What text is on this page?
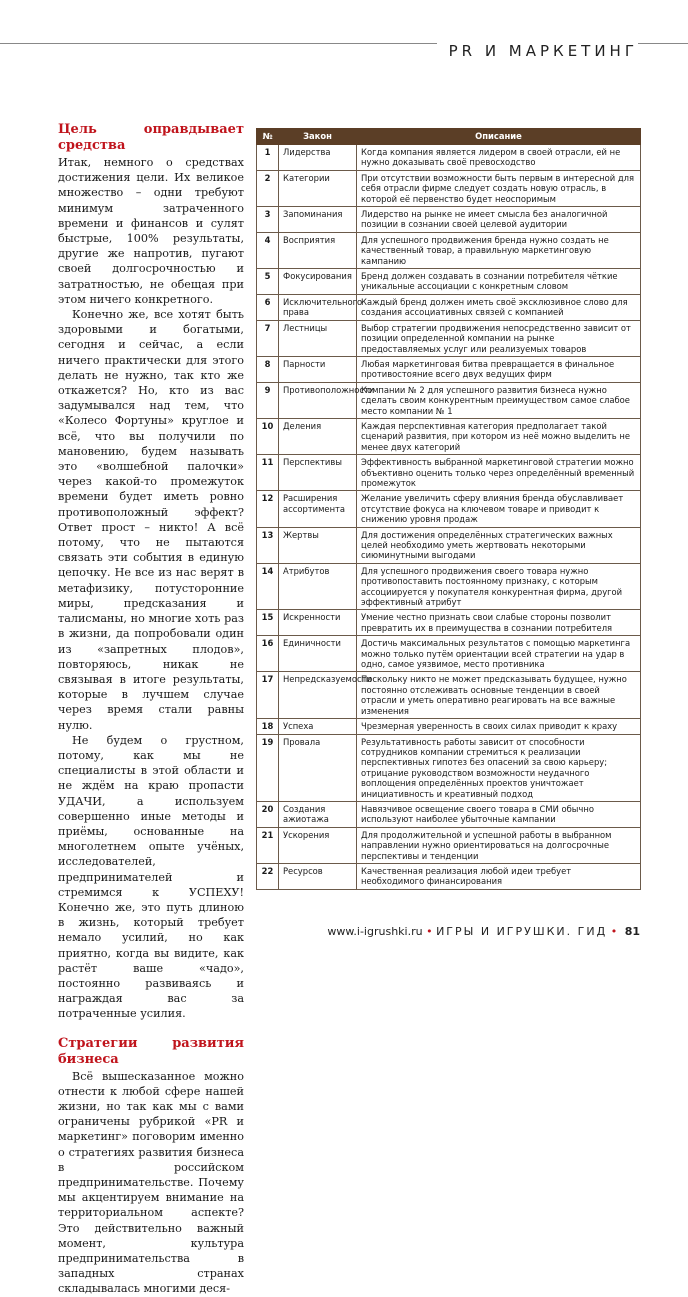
PR И МАРКЕТИНГ
Цель оправдывает средства

Итак, немного о средствах достижения цели. Их великое множество – одни требуют минимум затраченного времени и финансов и сулят быстрые, 100% результаты, другие же напротив, пугают своей долгосрочностью и затратностью, не обещая при этом ничего конкретного.

Конечно же, все хотят быть здоровыми и богатыми, сегодня и сейчас, а если ничего практически для этого делать не нужно, так кто же откажется? Но, кто из вас задумывался над тем, что «Колесо Фортуны» круглое и всё, что вы получили по мановению, будем называть это «волшебной палочки» через какой-то промежуток времени будет иметь ровно противоположный эффект? Ответ прост – никто! А всё потому, что не пытаются связать эти события в единую цепочку. Не все из нас верят в метафизику, потусторонние миры, предсказания и талисманы, но многие хоть раз в жизни, да попробовали один из «запретных плодов», повторяюсь, никак не связывая в итоге результаты, которые в лучшем случае через время стали равны нулю.

Не будем о грустном, потому, как мы не специалисты в этой области и не ждём на краю пропасти УДАЧИ, а используем совершенно иные методы и приёмы, основанные на многолетнем опыте учёных, исследователей, предпринимателей и стремимся к УСПЕХУ! Конечно же, это путь длиною в жизнь, который требует немало усилий, но как приятно, когда вы видите, как растёт ваше «чадо», постоянно развиваясь и награждая вас за потраченные усилия.

Стратегии развития бизнеса

Всё вышесказанное можно отнести к любой сфере нашей жизни, но так как мы с вами ограничены рубрикой «PR и маркетинг» поговорим именно о стратегиях развития бизнеса в российском предпринимательстве. Почему мы акцентируем внимание на территориальном аспекте? Это действительно важный момент, культура предпринимательства в западных странах складывалась многими деся-

№	Закон	Описание
1	Лидерства	Когда компания является лидером в своей отрасли, ей не нужно доказывать своё превосходство
2	Категории	При отсутствии возможности быть первым в интересной для себя отрасли фирме следует создать новую отрасль, в которой её первенство будет неоспоримым
3	Запоминания	Лидерство на рынке не имеет смысла без аналогичной позиции в сознании своей целевой аудитории
4	Восприятия	Для успешного продвижения бренда нужно создать не качественный товар, а правильную маркетинговую кампанию
5	Фокусирования	Бренд должен создавать в сознании потребителя чёткие уникальные ассоциации с конкретным словом
6	Исключительного права	Каждый бренд должен иметь своё эксклюзивное слово для создания ассоциативных связей с компанией
7	Лестницы	Выбор стратегии продвижения непосредственно зависит от позиции определенной компании на рынке предоставляемых услуг или реализуемых товаров
8	Парности	Любая маркетинговая битва превращается в финальное противостояние всего двух ведущих фирм
9	Противоположности	Компании № 2 для успешного развития бизнеса нужно сделать своим конкурентным преимуществом самое слабое место компании № 1
10	Деления	Каждая перспективная категория предполагает такой сценарий развития, при котором из неё можно выделить не менее двух категорий
11	Перспективы	Эффективность выбранной маркетинговой стратегии можно объективно оценить только через определённый временный промежуток
12	Расширения ассортимента	Желание увеличить сферу влияния бренда обуславливает отсутствие фокуса на ключевом товаре и приводит к снижению уровня продаж
13	Жертвы	Для достижения определённых стратегических важных целей необходимо уметь жертвовать некоторыми сиюминутными выгодами
14	Атрибутов	Для успешного продвижения своего товара нужно противопоставить постоянному признаку, с которым ассоциируется у покупателя конкурентная фирма, другой эффективный атрибут
15	Искренности	Умение честно признать свои слабые стороны позволит превратить их в преимущества в сознании потребителя
16	Единичности	Достичь максимальных результатов с помощью маркетинга можно только путём ориентации всей стратегии на удар в одно, самое уязвимое, место противника
17	Непредсказуемости	Поскольку никто не может предсказывать будущее, нужно постоянно отслеживать основные тенденции в своей отрасли и уметь оперативно реагировать на все важные изменения
18	Успеха	Чрезмерная уверенность в своих силах приводит к краху
19	Провала	Результативность работы зависит от способности сотрудников компании стремиться к реализации перспективных гипотез без опасений за свою карьеру; отрицание руководством возможности неудачного воплощения определённых проектов уничтожает инициативность и креативный подход
20	Создания ажиотажа	Навязчивое освещение своего товара в СМИ обычно используют наиболее убыточные кампании
21	Ускорения	Для продолжительной и успешной работы в выбранном направлении нужно ориентироваться на долгосрочные перспективы и тенденции
22	Ресурсов	Качественная реализация любой идеи требует необходимого финансирования
www.i-igrushki.ru • ИГРЫ И ИГРУШКИ. ГИД • 81
